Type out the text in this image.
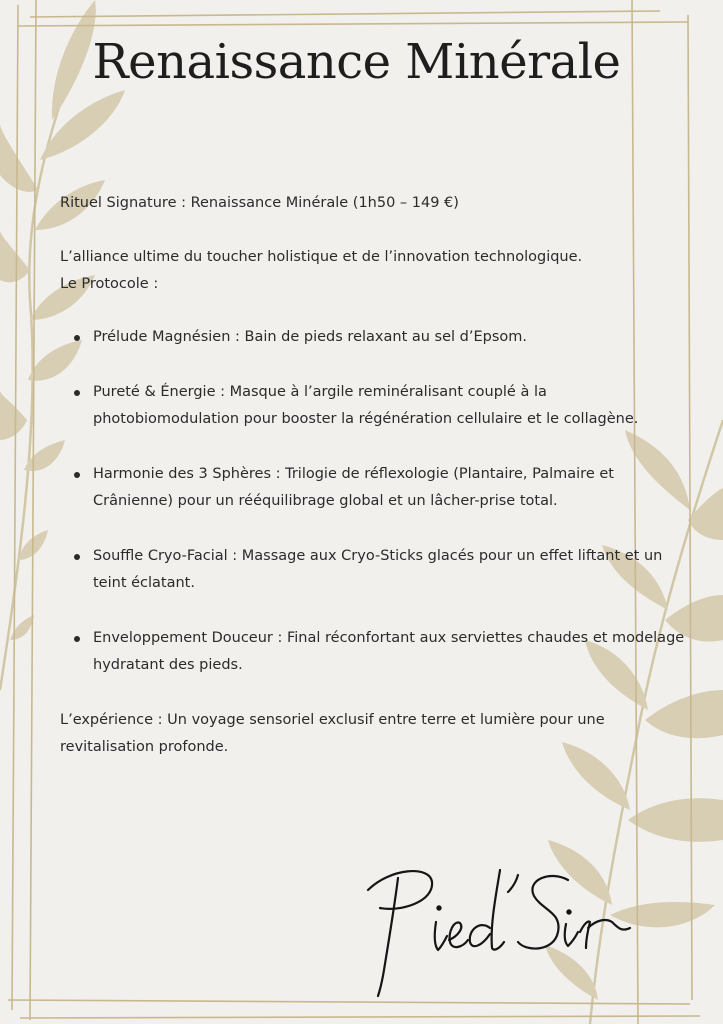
Renaissance Minérale

Rituel Signature : Renaissance Minérale (1h50 – 149 €)

L’alliance ultime du toucher holistique et de l’innovation technologique.

Le Protocole :

Prélude Magnésien : Bain de pieds relaxant au sel d’Epsom.
Pureté & Énergie : Masque à l’argile reminéralisant couplé à la photobiomodulation pour booster la régénération cellulaire et le collagène.
Harmonie des 3 Sphères : Trilogie de réflexologie (Plantaire, Palmaire et Crânienne) pour un rééquilibrage global et un lâcher-prise total.
Souffle Cryo-Facial : Massage aux Cryo-Sticks glacés pour un effet liftant et un teint éclatant.
Enveloppement Douceur : Final réconfortant aux serviettes chaudes et modelage hydratant des pieds.

L’expérience : Un voyage sensoriel exclusif entre terre et lumière pour une revitalisation profonde.
